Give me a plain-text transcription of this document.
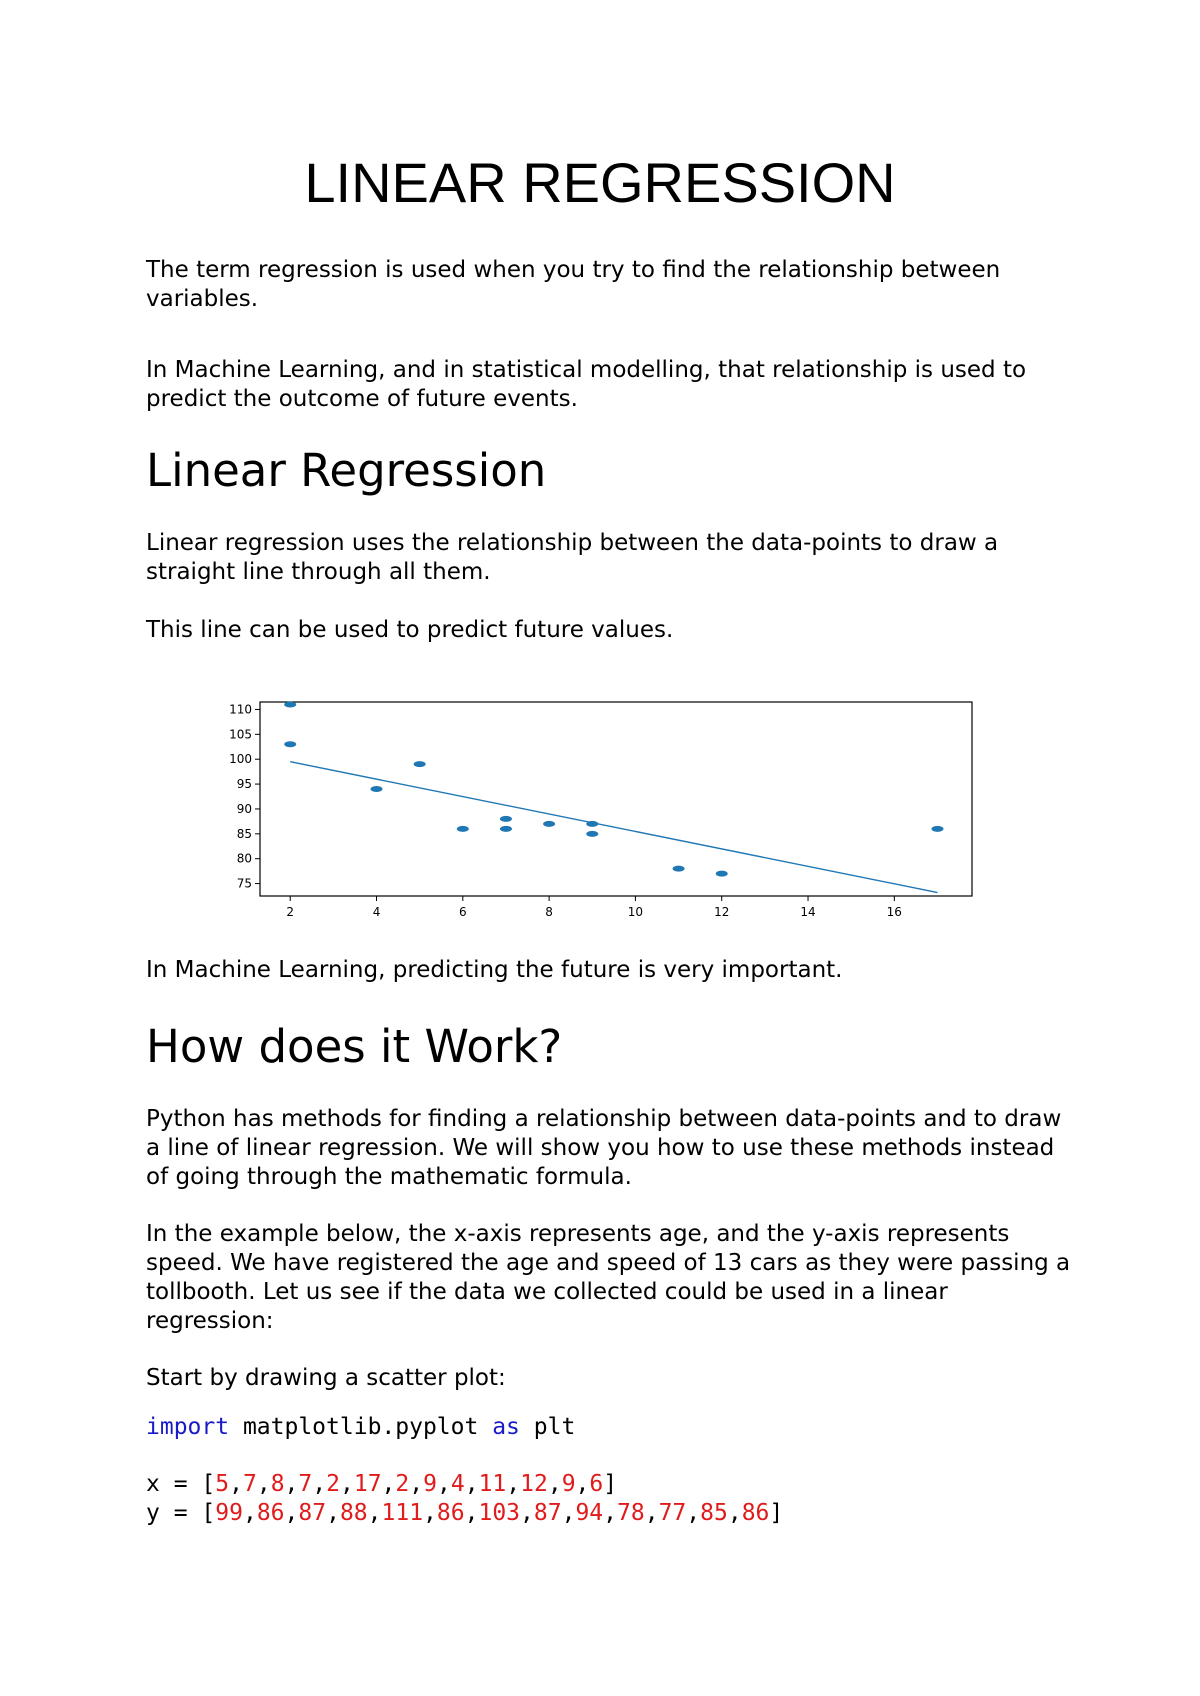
LINEAR REGRESSION

The term regression is used when you try to find the relationship between variables.

In Machine Learning, and in statistical modelling, that relationship is used to predict the outcome of future events.

Linear Regression

Linear regression uses the relationship between the data-points to draw a straight line through all them.

This line can be used to predict future values.

75
80
85
90
95
100
105
110
2	4	6	8	10	12	14	16

In Machine Learning, predicting the future is very important.

How does it Work?

Python has methods for finding a relationship between data-points and to draw a line of linear regression. We will show you how to use these methods instead of going through the mathematic formula.

In the example below, the x-axis represents age, and the y-axis represents speed. We have registered the age and speed of 13 cars as they were passing a tollbooth. Let us see if the data we collected could be used in a linear regression:

Start by drawing a scatter plot:

import matplotlib.pyplot as plt
x = [5,7,8,7,2,17,2,9,4,11,12,9,6]
y = [99,86,87,88,111,86,103,87,94,78,77,85,86]
